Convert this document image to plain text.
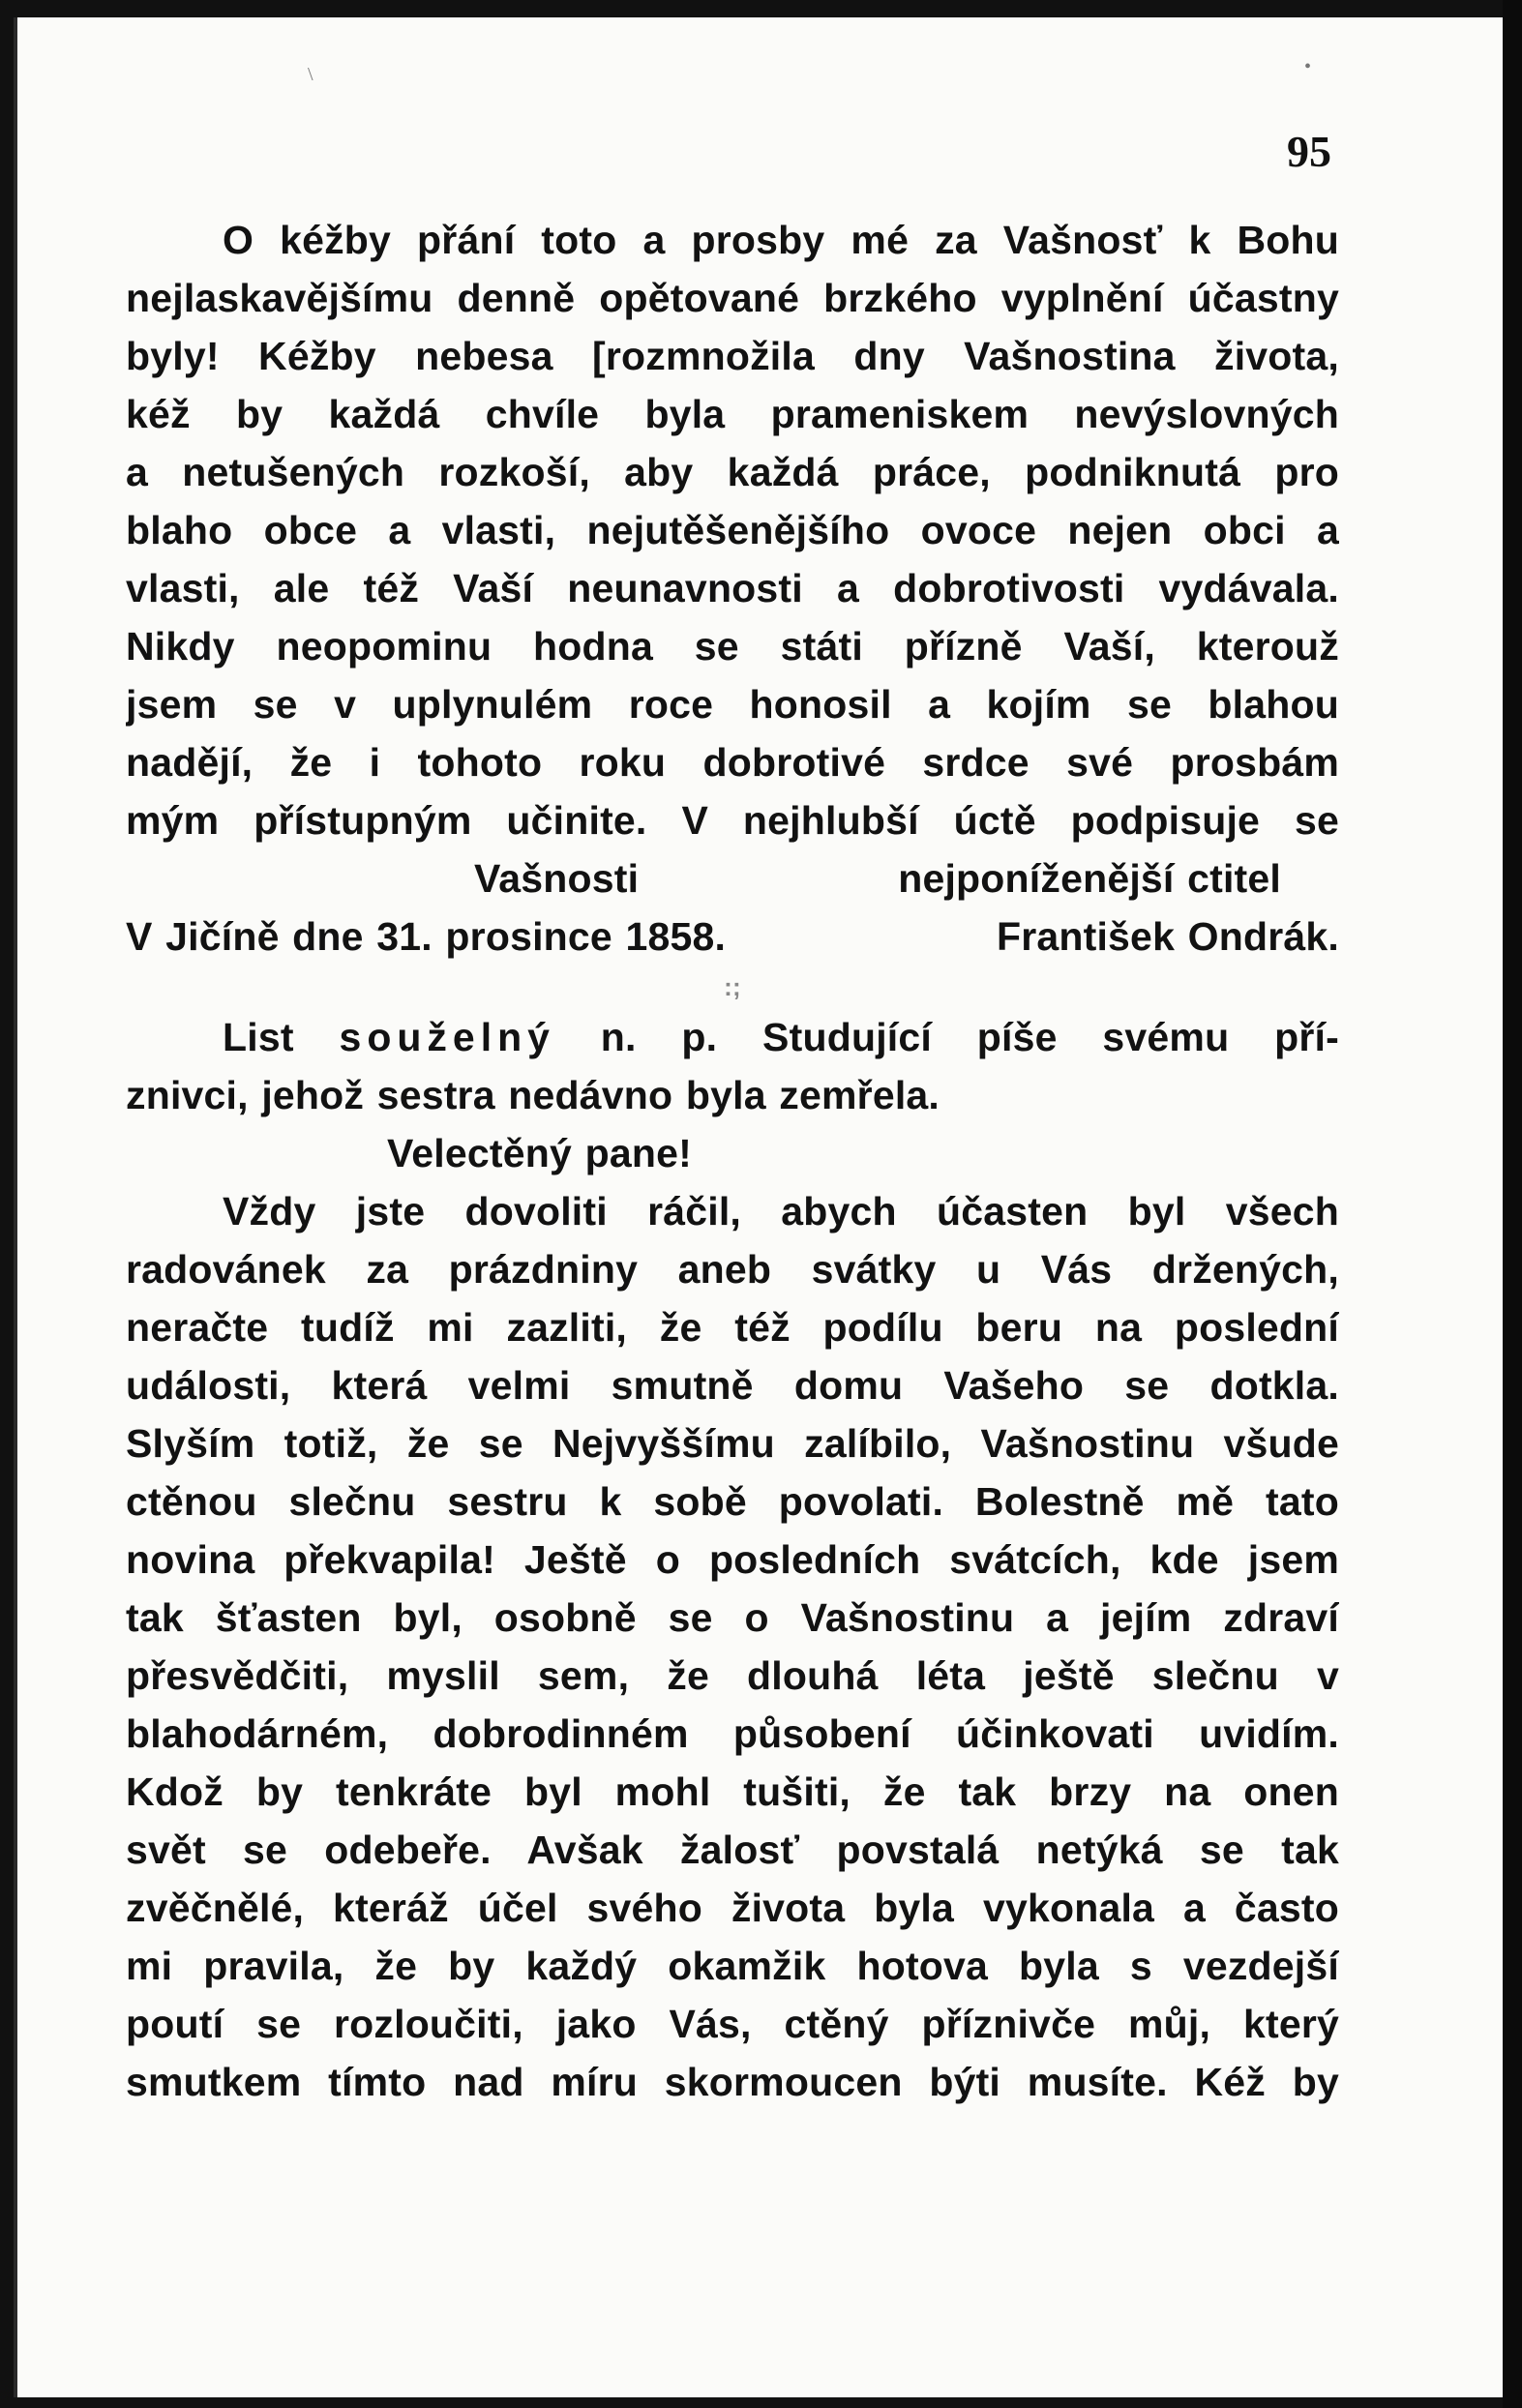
\	•
95
O kéžby přání toto a prosby mé za Vašnosť k Bohu
nejlaskavějšímu denně opětované brzkého vyplnění účastny
byly! Kéžby nebesa [rozmnožila dny Vašnostina života,
kéž by každá chvíle byla prameniskem nevýslovných
a netušených rozkoší, aby každá práce, podniknutá pro
blaho obce a vlasti, nejutěšenějšího ovoce nejen obci a
vlasti, ale též Vaší neunavnosti a dobrotivosti vydávala.
Nikdy neopominu hodna se státi přízně Vaší, kterouž
jsem se v uplynulém roce honosil a kojím se blahou
nadějí, že i tohoto roku dobrotivé srdce své prosbám
mým přístupným učinite. V nejhlubší úctě podpisuje se
Vašnosti	nejponíženější ctitel
V Jičíně dne 31. prosince 1858.	František Ondrák.
:;
List souželný n. p. Studující píše svému pří-
znivci, jehož sestra nedávno byla zemřela.
Velectěný pane!
Vždy jste dovoliti ráčil, abych účasten byl všech
radovánek za prázdniny aneb svátky u Vás držených,
neračte tudíž mi zazliti, že též podílu beru na poslední
události, která velmi smutně domu Vašeho se dotkla.
Slyším totiž, že se Nejvyššímu zalíbilo, Vašnostinu všude
ctěnou slečnu sestru k sobě povolati. Bolestně mě tato
novina překvapila! Ještě o posledních svátcích, kde jsem
tak šťasten byl, osobně se o Vašnostinu a jejím zdraví
přesvědčiti, myslil sem, že dlouhá léta ještě slečnu v
blahodárném, dobrodinném působení účinkovati uvidím.
Kdož by tenkráte byl mohl tušiti, že tak brzy na onen
svět se odebeře. Avšak žalosť povstalá netýká se tak
zvěčnělé, kteráž účel svého života byla vykonala a často
mi pravila, že by každý okamžik hotova byla s vezdejší
poutí se rozloučiti, jako Vás, ctěný příznivče můj, který
smutkem tímto nad míru skormoucen býti musíte. Kéž by
